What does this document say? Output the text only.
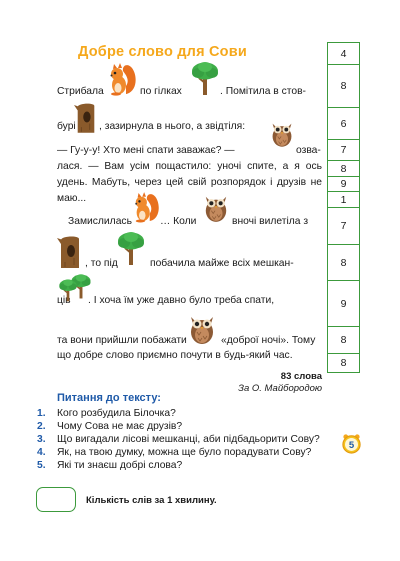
Добре слово для Сови	4
8
6
7
8
9
1
7
8
9
8
8
Стрибала	по гілках	. Помітила в стов-
бурі , зазирнула в нього, а звідтіля:
— Гу-у-у! Хто мені спати заважає? —	озва-
лася. — Вам усім пощастило: уночі спите, а я ось
удень. Мабуть, через цей свій розпорядок і друзів не
маю...
Замислилась	… Коли	вночі вилетіла з
, то під	побачила майже всіх мешкан-
ців . І хоча їм уже давно було треба спати,
та вони прийшли побажати	«доброї ночі». Тому
що добре слово приємно почути в будь-який час.
83 слова
За О. Майбородою
Питання до тексту:
1.	Кого розбудила Білочка?
2.	Чому Сова не має друзів?
3.	Що вигадали лісові мешканці, аби підбадьорити Сову?
4.	Як, на твою думку, можна ще було порадувати Сову?
5.	Які ти знаєш добрі слова?
Кількість слів за 1 хвилину.
5
